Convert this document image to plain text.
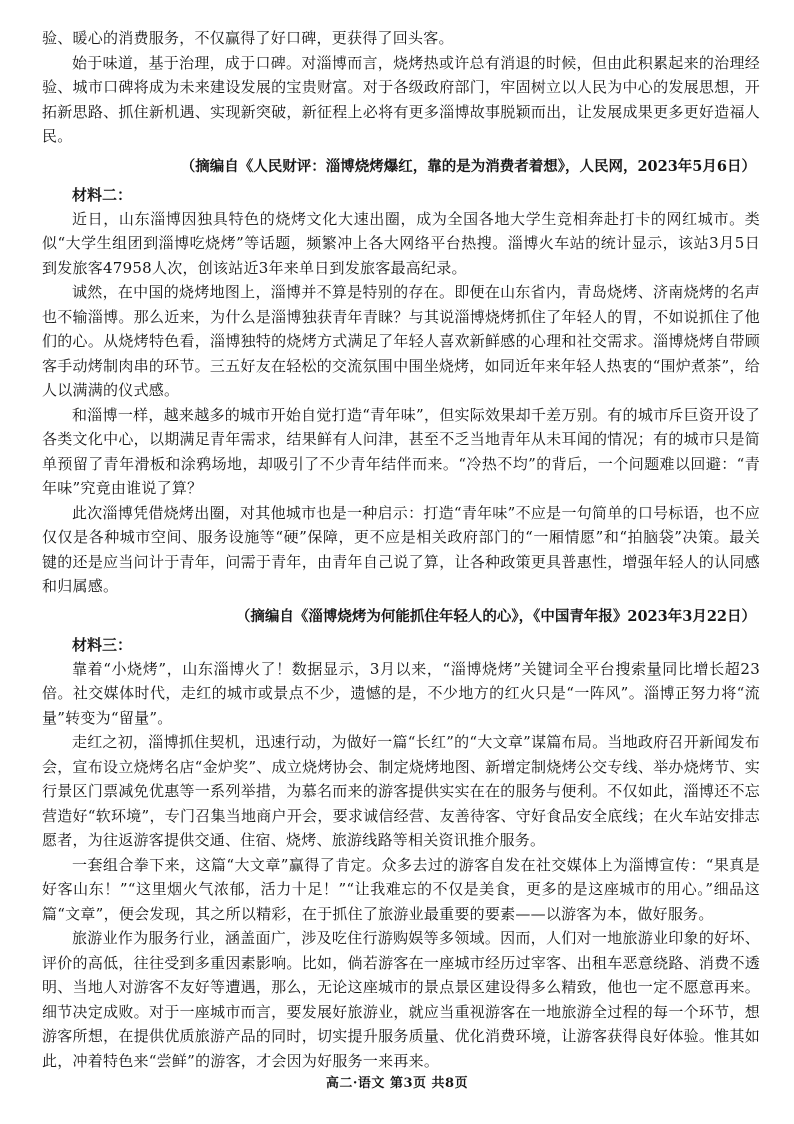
验、暖心的消费服务，不仅赢得了好口碑，更获得了回头客。

始于味道，基于治理，成于口碑。对淄博而言，烧烤热或许总有消退的时候，但由此积累起来的治理经验、城市口碑将成为未来建设发展的宝贵财富。对于各级政府部门，牢固树立以人民为中心的发展思想，开拓新思路、抓住新机遇、实现新突破，新征程上必将有更多淄博故事脱颖而出，让发展成果更多更好造福人民。

（摘编自《人民财评：淄博烧烤爆红，靠的是为消费者着想》，人民网，2023年5月6日）
材料二：

近日，山东淄博因独具特色的烧烤文化大速出圈，成为全国各地大学生竞相奔赴打卡的网红城市。类似“大学生组团到淄博吃烧烤”等话题，频繁冲上各大网络平台热搜。淄博火车站的统计显示，该站3月5日到发旅客47958人次，创该站近3年来单日到发旅客最高纪录。

诚然，在中国的烧烤地图上，淄博并不算是特别的存在。即便在山东省内，青岛烧烤、济南烧烤的名声也不输淄博。那么近来，为什么是淄博独获青年青睐？与其说淄博烧烤抓住了年轻人的胃，不如说抓住了他们的心。从烧烤特色看，淄博独特的烧烤方式满足了年轻人喜欢新鲜感的心理和社交需求。淄博烧烤自带顾客手动烤制肉串的环节。三五好友在轻松的交流氛围中围坐烧烤，如同近年来年轻人热衷的“围炉煮茶”，给人以满满的仪式感。

和淄博一样，越来越多的城市开始自觉打造“青年味”，但实际效果却千差万别。有的城市斥巨资开设了各类文化中心，以期满足青年需求，结果鲜有人问津，甚至不乏当地青年从未耳闻的情况；有的城市只是简单预留了青年滑板和涂鸦场地，却吸引了不少青年结伴而来。“冷热不均”的背后，一个问题难以回避：“青年味”究竟由谁说了算？

此次淄博凭借烧烤出圈，对其他城市也是一种启示：打造“青年味”不应是一句简单的口号标语，也不应仅仅是各种城市空间、服务设施等“硬”保障，更不应是相关政府部门的“一厢情愿”和“拍脑袋”决策。最关键的还是应当问计于青年，问需于青年，由青年自己说了算，让各种政策更具普惠性，增强年轻人的认同感和归属感。

（摘编自《淄博烧烤为何能抓住年轻人的心》，《中国青年报》2023年3月22日）
材料三：

靠着“小烧烤”，山东淄博火了！数据显示，3月以来，“淄博烧烤”关键词全平台搜索量同比增长超23倍。社交媒体时代，走红的城市或景点不少，遗憾的是，不少地方的红火只是“一阵风”。淄博正努力将“流量”转变为“留量”。

走红之初，淄博抓住契机，迅速行动，为做好一篇“长红”的“大文章”谋篇布局。当地政府召开新闻发布会，宣布设立烧烤名店“金炉奖”、成立烧烤协会、制定烧烤地图、新增定制烧烤公交专线、举办烧烤节、实行景区门票减免优惠等一系列举措，为慕名而来的游客提供实实在在的服务与便利。不仅如此，淄博还不忘营造好“软环境”，专门召集当地商户开会，要求诚信经营、友善待客、守好食品安全底线；在火车站安排志愿者，为往返游客提供交通、住宿、烧烤、旅游线路等相关资讯推介服务。

一套组合拳下来，这篇“大文章”赢得了肯定。众多去过的游客自发在社交媒体上为淄博宣传：“果真是好客山东！”“这里烟火气浓郁，活力十足！”“让我难忘的不仅是美食，更多的是这座城市的用心。”细品这篇“文章”，便会发现，其之所以精彩，在于抓住了旅游业最重要的要素——以游客为本，做好服务。

旅游业作为服务行业，涵盖面广，涉及吃住行游购娱等多领域。因而，人们对一地旅游业印象的好坏、评价的高低，往往受到多重因素影响。比如，倘若游客在一座城市经历过宰客、出租车恶意绕路、消费不透明、当地人对游客不友好等遭遇，那么，无论这座城市的景点景区建设得多么精致，他也一定不愿意再来。细节决定成败。对于一座城市而言，要发展好旅游业，就应当重视游客在一地旅游全过程的每一个环节，想游客所想，在提供优质旅游产品的同时，切实提升服务质量、优化消费环境，让游客获得良好体验。惟其如此，冲着特色来“尝鲜”的游客，才会因为好服务一来再来。

高二·语文 第3页 共8页
